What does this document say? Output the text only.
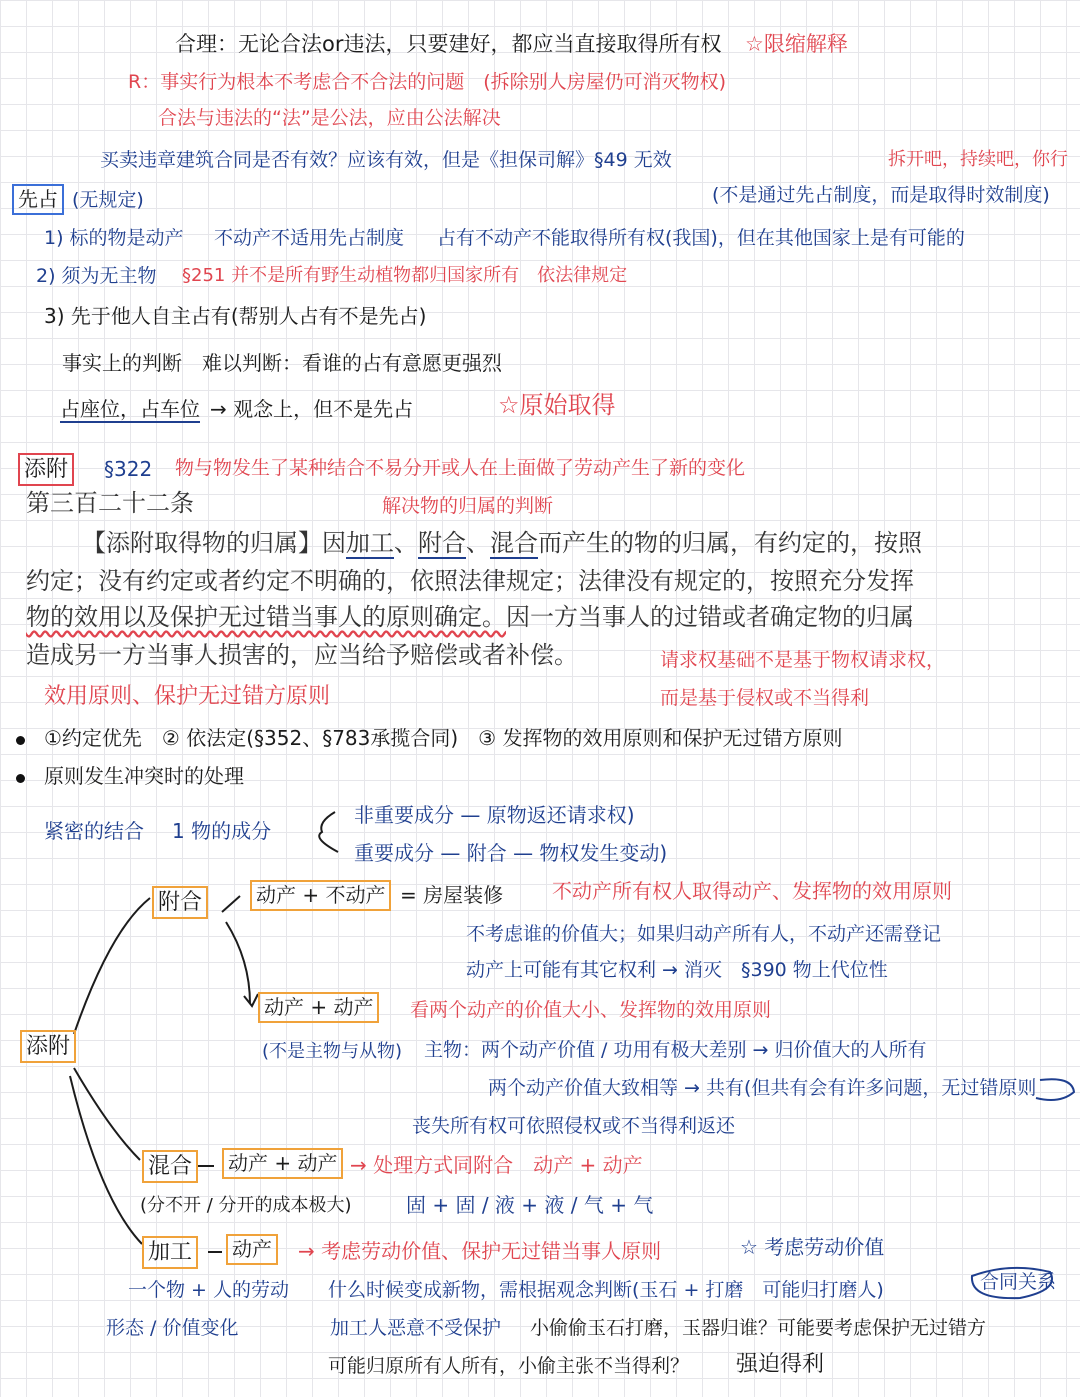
合理：无论合法or违法，只要建好，都应当直接取得所有权 ☆限缩解释
R：事实行为根本不考虑合不合法的问题　(拆除别人房屋仍可消灭物权)
合法与违法的“法”是公法，应由公法解决
买卖违章建筑合同是否有效？应该有效，但是《担保司解》§49 无效	拆开吧，持续吧，你行
先占 (无规定)	(不是通过先占制度，而是取得时效制度)
1) 标的物是动产 不动产不适用先占制度 占有不动产不能取得所有权(我国)，但在其他国家上是有可能的
2) 须为无主物 §251 并不是所有野生动植物都归国家所有　依法律规定
3) 先于他人自主占有(帮别人占有不是先占)
事实上的判断　难以判断：看谁的占有意愿更强烈
占座位，占车位 → 观念上，但不是先占	☆原始取得
添附	§322 物与物发生了某种结合不易分开或人在上面做了劳动产生了新的变化
第三百二十二条	解决物的归属的判断
【添附取得物的归属】因加工、附合、混合而产生的物的归属，有约定的，按照
约定；没有约定或者约定不明确的，依照法律规定；法律没有规定的，按照充分发挥
物的效用以及保护无过错当事人的原则确定。因一方当事人的过错或者确定物的归属
造成另一方当事人损害的，应当给予赔偿或者补偿。	请求权基础不是基于物权请求权，
而是基于侵权或不当得利
效用原则、保护无过错方原则
①约定优先　② 依法定(§352、§783承揽合同)　③ 发挥物的效用原则和保护无过错方原则
原则发生冲突时的处理
紧密的结合 1 物的成分
非重要成分 — 原物返还请求权)
重要成分 — 附合 — 物权发生变动)
添附
附合	动产 + 不动产 = 房屋装修 不动产所有权人取得动产、发挥物的效用原则
不考虑谁的价值大；如果归动产所有人，不动产还需登记
动产上可能有其它权利 → 消灭　§390 物上代位性
动产 + 动产	看两个动产的价值大小、发挥物的效用原则
(不是主物与从物) 主物：两个动产价值 / 功用有极大差别 → 归价值大的人所有
两个动产价值大致相等 → 共有(但共有会有许多问题，无过错原则
丧失所有权可依照侵权或不当得利返还
混合	动产 + 动产 → 处理方式同附合　动产 + 动产
(分不开 / 分开的成本极大)	固 + 固 / 液 + 液 / 气 + 气
加工	动产	→ 考虑劳动价值、保护无过错当事人原则	☆ 考虑劳动价值
一个物 + 人的劳动
形态 / 价值变化
什么时候变成新物，需根据观念判断(玉石 + 打磨　可能归打磨人)	合同关系
加工人恶意不受保护 小偷偷玉石打磨，玉器归谁？可能要考虑保护无过错方
可能归原所有人所有，小偷主张不当得利？ 强迫得利
